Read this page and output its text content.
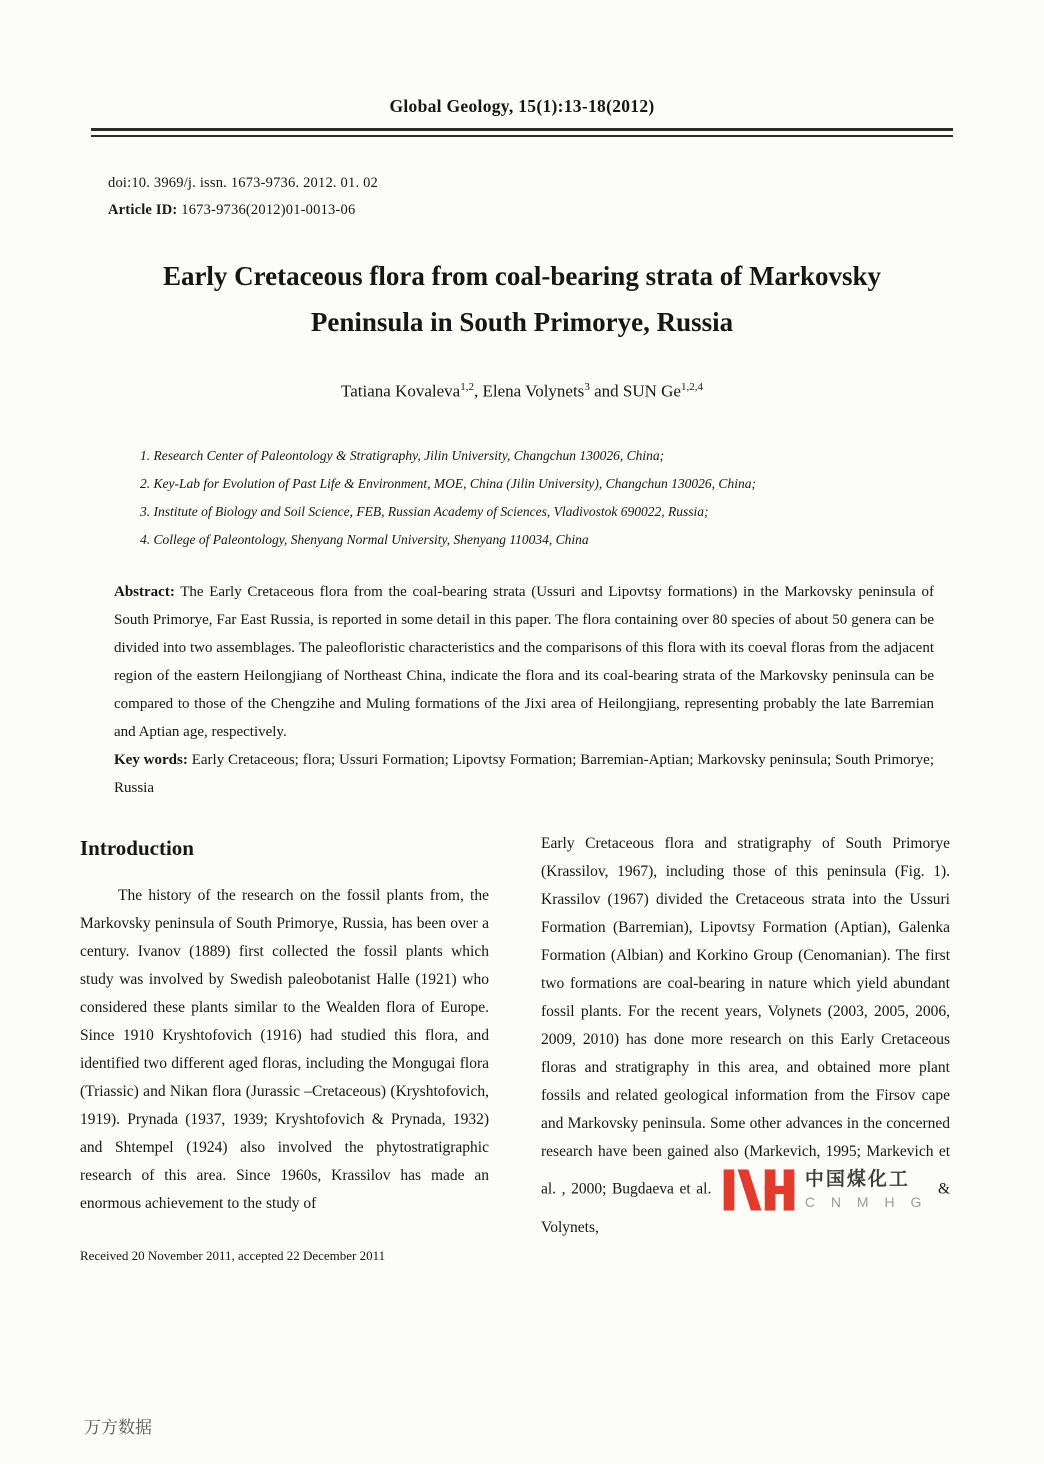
Global Geology, 15(1):13-18(2012)
doi:10. 3969/j. issn. 1673-9736. 2012. 01. 02
Article ID: 1673-9736(2012)01-0013-06
Early Cretaceous flora from coal-bearing strata of Markovsky
Peninsula in South Primorye, Russia
Tatiana Kovaleva$^{1,2}$, Elena Volynets$^3$ and SUN Ge$^{1,2,4}$
1. Research Center of Paleontology & Stratigraphy, Jilin University, Changchun 130026, China;
2. Key-Lab for Evolution of Past Life & Environment, MOE, China (Jilin University), Changchun 130026, China;
3. Institute of Biology and Soil Science, FEB, Russian Academy of Sciences, Vladivostok 690022, Russia;
4. College of Paleontology, Shenyang Normal University, Shenyang 110034, China

Abstract: The Early Cretaceous flora from the coal-bearing strata (Ussuri and Lipovtsy formations) in the Markovsky peninsula of South Primorye, Far East Russia, is reported in some detail in this paper. The flora containing over 80 species of about 50 genera can be divided into two assemblages. The paleofloristic characteristics and the comparisons of this flora with its coeval floras from the adjacent region of the eastern Heilongjiang of Northeast China, indicate the flora and its coal-bearing strata of the Markovsky peninsula can be compared to those of the Chengzihe and Muling formations of the Jixi area of Heilongjiang, representing probably the late Barremian and Aptian age, respectively.

Key words: Early Cretaceous; flora; Ussuri Formation; Lipovtsy Formation; Barremian-Aptian; Markovsky peninsula; South Primorye; Russia

Introduction

The history of the research on the fossil plants from, the Markovsky peninsula of South Primorye, Russia, has been over a century. Ivanov (1889) first collected the fossil plants which study was involved by Swedish paleobotanist Halle (1921) who considered these plants similar to the Wealden flora of Europe. Since 1910 Kryshtofovich (1916) had studied this flora, and identified two different aged floras, including the Mongugai flora (Triassic) and Nikan flora (Jurassic –Cretaceous) (Kryshtofovich, 1919). Prynada (1937, 1939; Kryshtofovich & Prynada, 1932) and Shtempel (1924) also involved the phytostratigraphic research of this area. Since 1960s, Krassilov has made an enormous achievement to the study of

Received 20 November 2011, accepted 22 December 2011

Early Cretaceous flora and stratigraphy of South Primorye (Krassilov, 1967), including those of this peninsula (Fig. 1). Krassilov (1967) divided the Cretaceous strata into the Ussuri Formation (Barremian), Lipovtsy Formation (Aptian), Galenka Formation (Albian) and Korkino Group (Cenomanian). The first two formations are coal-bearing in nature which yield abundant fossil plants. For the recent years, Volynets (2003, 2005, 2006, 2009, 2010) has done more research on this Early Cretaceous floras and stratigraphy in this area, and obtained more plant fossils and related geological information from the Firsov cape and Markovsky peninsula. Some other advances in the concerned research have been gained also (Markevich, 1995; Markevich et al. , 2000; Bugdaeva et al.	中国煤化工
C N M H G
& Volynets,

万方数据
